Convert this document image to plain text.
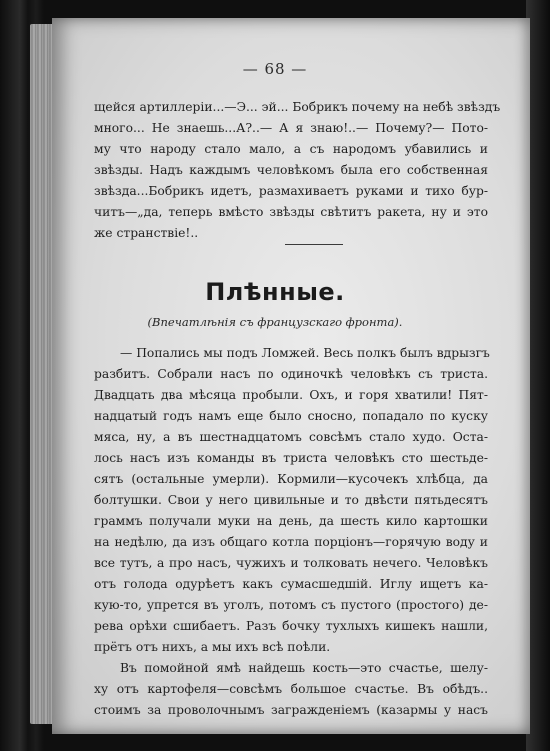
— 68 —
щейся артиллерiи...—Э... эй... Бобрикъ почему на небѣ звѣздъ
много... Не знаешь...А?..— А я знаю!..— Почему?— Пото-
му что народу стало мало, а съ народомъ убавились и
звѣзды. Надъ каждымъ человѣкомъ была его собственная
звѣзда...Бобрикъ идетъ, размахиваетъ руками и тихо бур-
читъ—„да, теперь вмѣсто звѣзды свѣтитъ ракета, ну и это
же странствiе!..
Плѣнные.
(Впечатлѣнiя съ французскаго фронта).
— Попались мы подъ Ломжей. Весь полкъ былъ вдрызгъ
разбитъ. Собрали насъ по одиночкѣ человѣкъ съ триста.
Двадцать два мѣсяца пробыли. Охъ, и горя хватили! Пят-
надцатый годъ намъ еще было сносно, попадало по куску
мяса, ну, а въ шестнадцатомъ совсѣмъ стало худо. Оста-
лось насъ изъ команды въ триста человѣкъ сто шестьде-
сятъ (остальные умерли). Кормили—кусочекъ хлѣбца, да
болтушки. Свои у него цивильные и то двѣсти пятьдесятъ
граммъ получали муки на день, да шесть кило картошки
на недѣлю, да изъ общаго котла порцiонъ—горячую воду и
все тутъ, а про насъ, чужихъ и толковать нечего. Человѣкъ
отъ голода одурѣетъ какъ сумасшедшiй. Иглу ищетъ ка-
кую-то, упрется въ уголъ, потомъ съ пустого (простого) де-
рева орѣхи сшибаетъ. Разъ бочку тухлыхъ кишекъ нашли,
прётъ отъ нихъ, а мы ихъ всѣ поѣли.
Въ помойной ямѣ найдешь кость—это счастье, шелу-
ху отъ картофеля—совсѣмъ большое счастье. Въ обѣдъ..
стоимъ за проволочнымъ загражденiемъ (казармы у насъ
